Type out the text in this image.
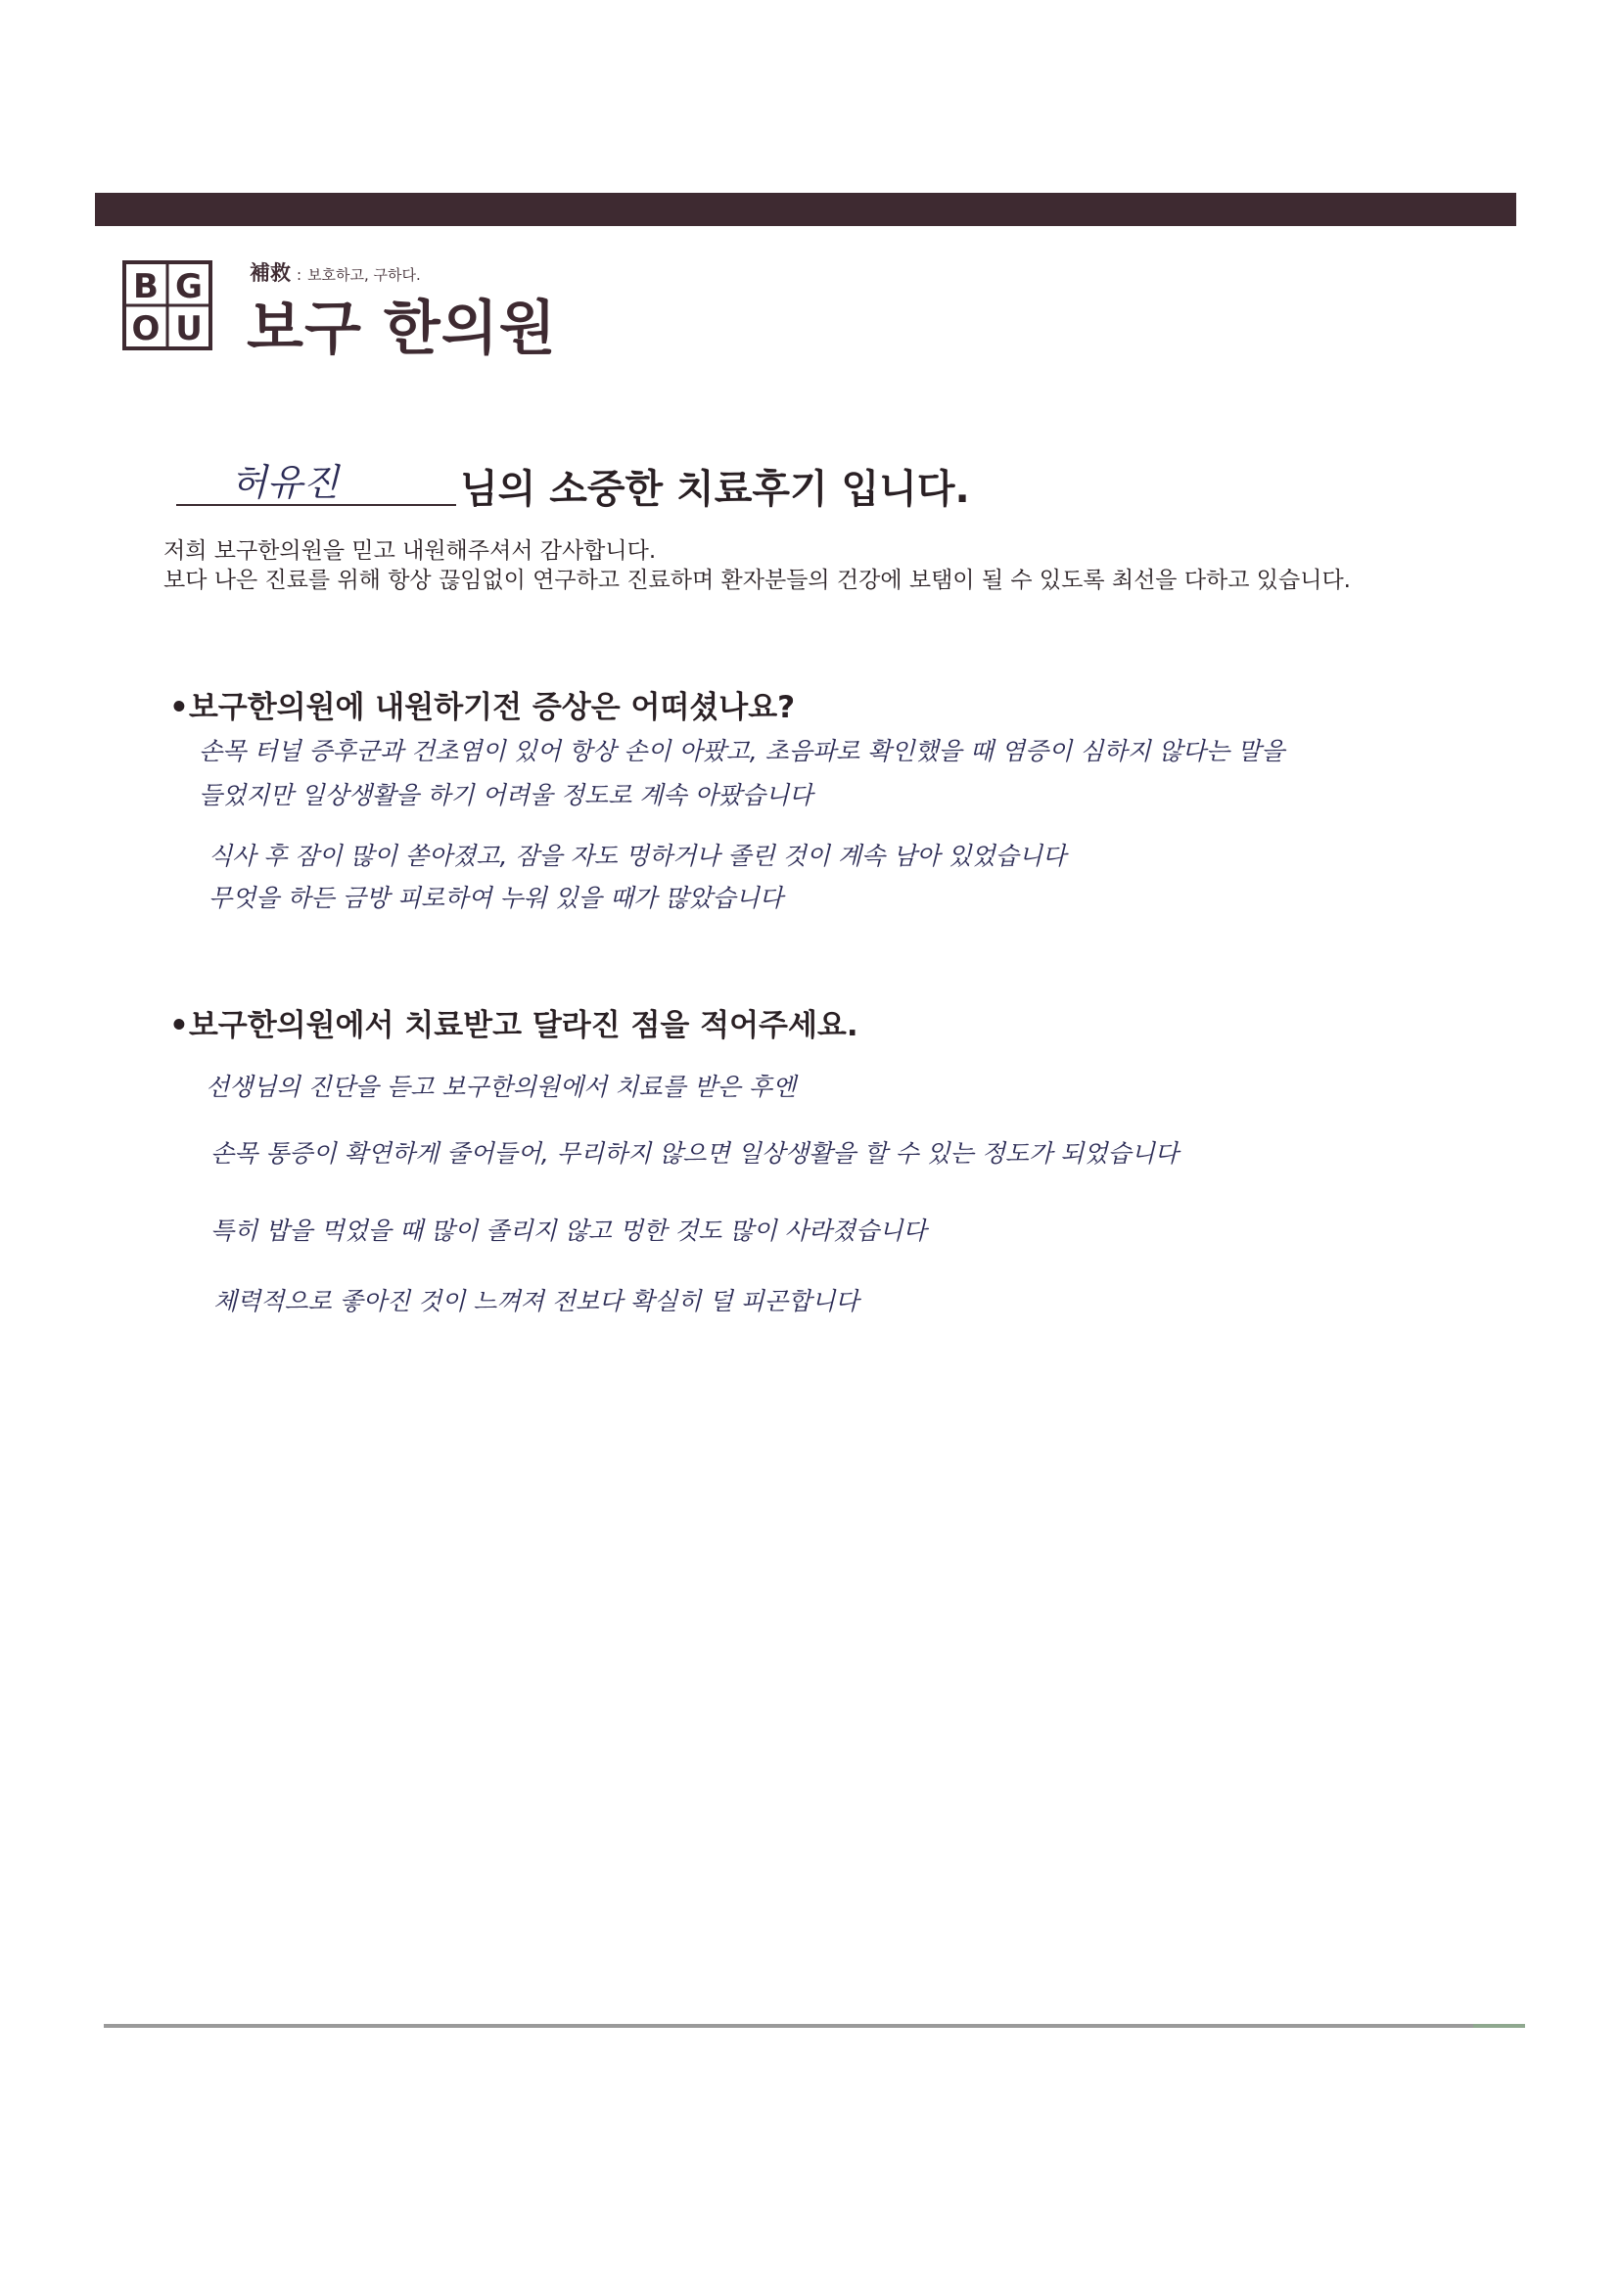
B G
O U
補救 : 보호하고, 구하다.
보구 한의원
허유진	님의 소중한 치료후기 입니다.
저희 보구한의원을 믿고 내원해주셔서 감사합니다.
보다 나은 진료를 위해 항상 끊임없이 연구하고 진료하며 환자분들의 건강에 보탬이 될 수 있도록 최선을 다하고 있습니다.
•보구한의원에 내원하기전 증상은 어떠셨나요?
손목 터널 증후군과 건초염이 있어 항상 손이 아팠고, 초음파로 확인했을 때 염증이 심하지 않다는 말을
들었지만 일상생활을 하기 어려울 정도로 계속 아팠습니다
식사 후 잠이 많이 쏟아졌고, 잠을 자도 멍하거나 졸린 것이 계속 남아 있었습니다
무엇을 하든 금방 피로하여 누워 있을 때가 많았습니다
•보구한의원에서 치료받고 달라진 점을 적어주세요.
선생님의 진단을 듣고 보구한의원에서 치료를 받은 후엔
손목 통증이 확연하게 줄어들어, 무리하지 않으면 일상생활을 할 수 있는 정도가 되었습니다
특히 밥을 먹었을 때 많이 졸리지 않고 멍한 것도 많이 사라졌습니다
체력적으로 좋아진 것이 느껴져 전보다 확실히 덜 피곤합니다
